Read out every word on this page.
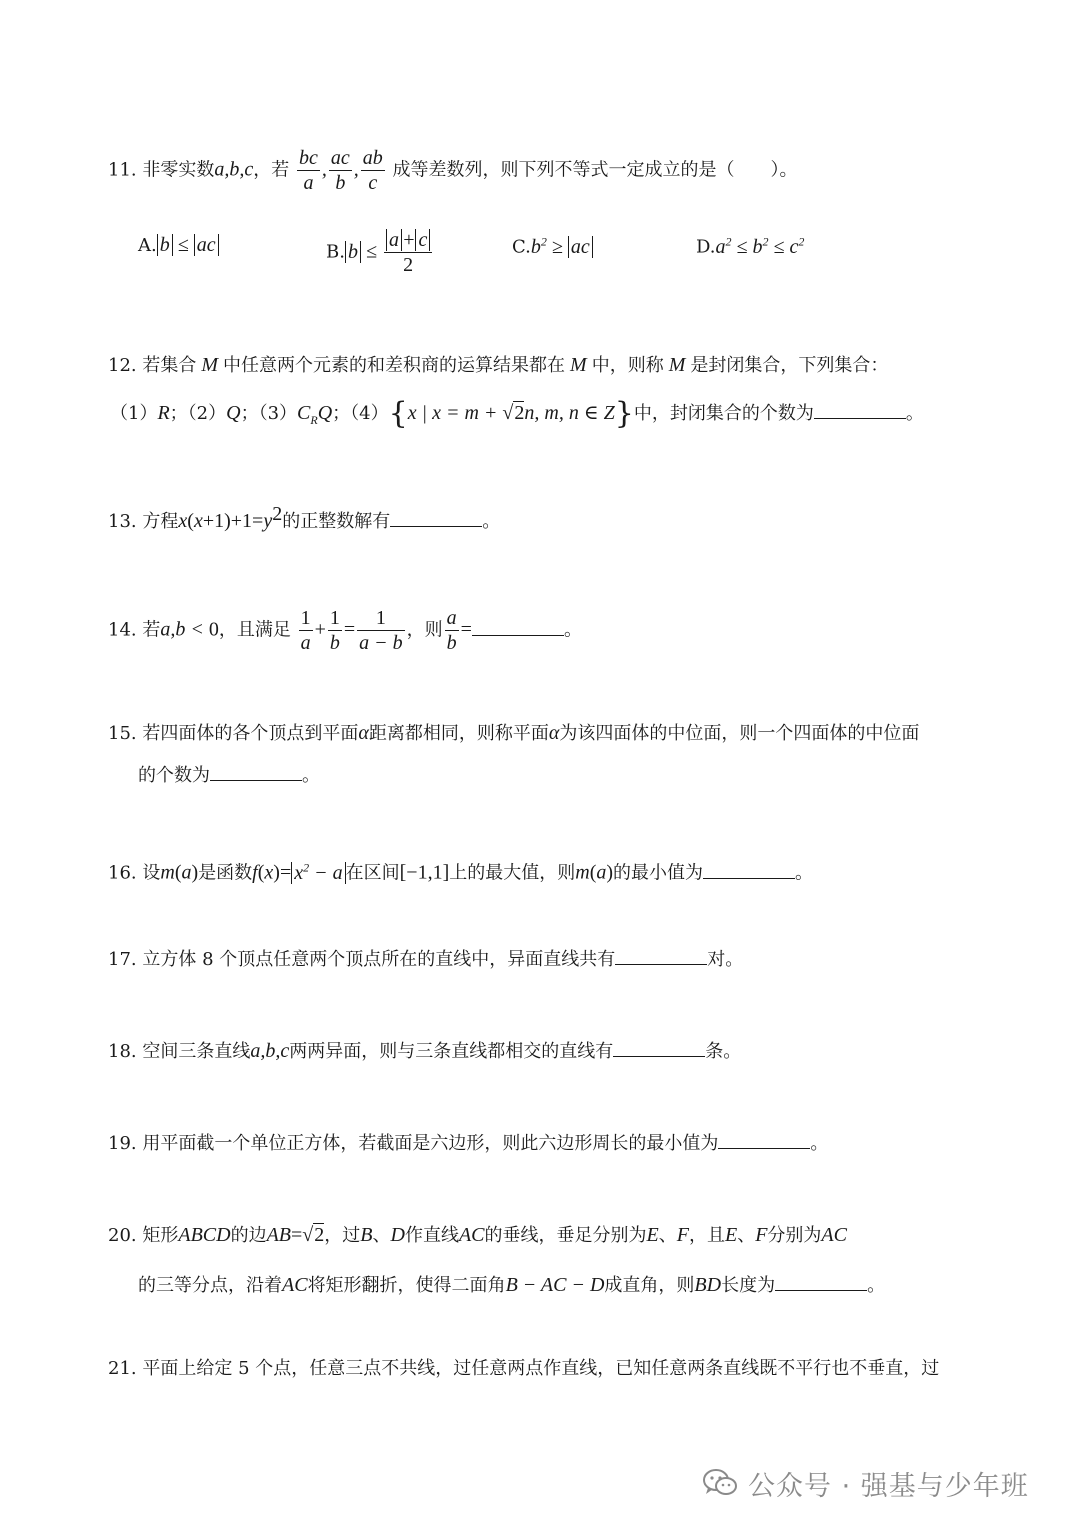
11. 非零实数a,b,c，若 $\frac{bc}{a}$ , $\frac{ac}{b}$ , $\frac{ab}{c}$ 成等差数列，则下列不等式一定成立的是（　　）。
A. b ≤ ac	B. $b \le \frac{a + c}{2}$	$C.b^2$ ≥ ac	$D.a^2 \le b^2 \le c^2$
12. 若集合 M 中任意两个元素的和差积商的运算结果都在 M 中，则称 M 是封闭集合，下列集合：
（1）R；（2）Q；$(3)C_RQ$；（4）{x | x = m + √2n, m, n ∈ Z}中，封闭集合的个数为	。
13. 方程$x(x+1)+1=y^2$的正整数解有	。
14. 若a,b < 0，且满足 $\frac{1}{a} + \frac{1}{b} = \frac{1}{a - b}$ ，则 $\frac{a}{b}$ =	。
15. 若四面体的各个顶点到平面α距离都相同，则称平面α为该四面体的中位面，则一个四面体的中位面
的个数为	。
16. 设m(a)是函数$f(x)= x^2 - a$ 在区间[−1,1]上的最大值，则m(a)的最小值为	。
17. 立方体 8 个顶点任意两个顶点所在的直线中，异面直线共有	对。
18. 空间三条直线a,b,c两两异面，则与三条直线都相交的直线有	条。
19. 用平面截一个单位正方体，若截面是六边形，则此六边形周长的最小值为	。
20. 矩形ABCD的边AB=√2，过B、D作直线AC的垂线，垂足分别为E、F，且E、F分别为AC
的三等分点，沿着AC将矩形翻折，使得二面角B − AC − D成直角，则BD长度为	。
21. 平面上给定 5 个点，任意三点不共线，过任意两点作直线，已知任意两条直线既不平行也不垂直，过
公众号 · 强基与少年班
